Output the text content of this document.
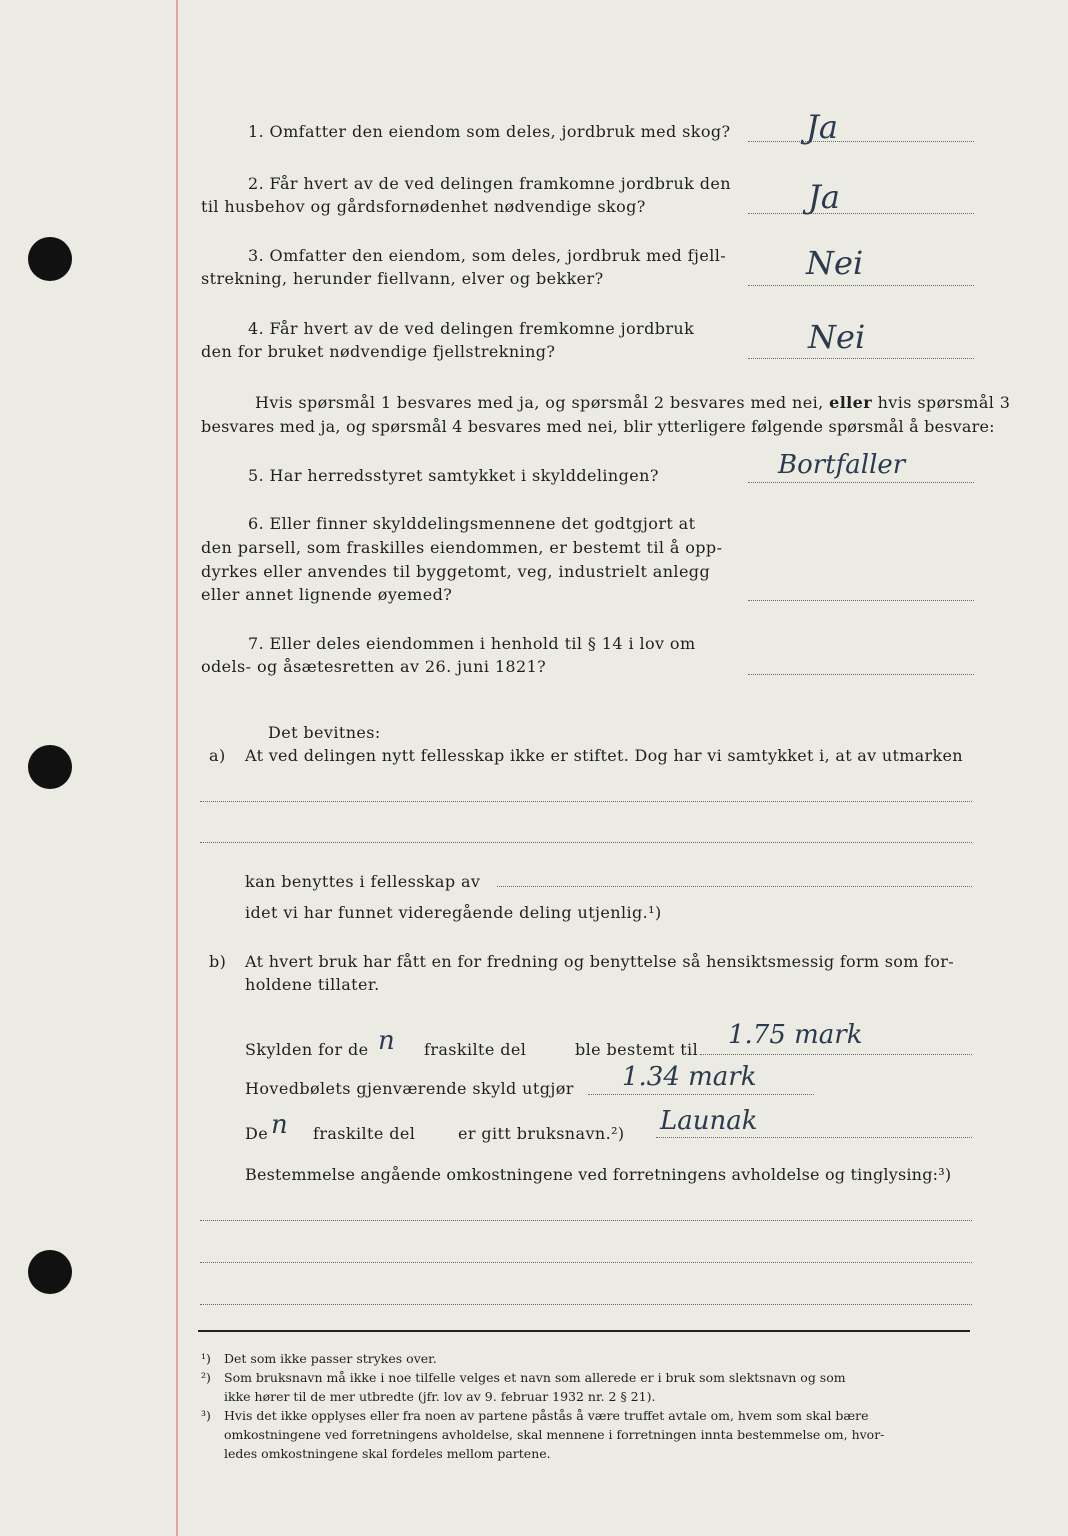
1. Omfatter den eiendom som deles, jordbruk med skog? Ja
2. Får hvert av de ved delingen framkomne jordbruk den
til husbehov og gårdsfornødenhet nødvendige skog?	Ja
3. Omfatter den eiendom, som deles, jordbruk med fjell-
strekning, herunder fiellvann, elver og bekker?	Nei
4. Får hvert av de ved delingen fremkomne jordbruk
den for bruket nødvendige fjellstrekning?	Nei
Hvis spørsmål 1 besvares med ja, og spørsmål 2 besvares med nei, eller hvis spørsmål 3
besvares med ja, og spørsmål 4 besvares med nei, blir ytterligere følgende spørsmål å besvare:
5. Har herredsstyret samtykket i skylddelingen?	Bortfaller
6. Eller finner skylddelingsmennene det godtgjort at
den parsell, som fraskilles eiendommen, er bestemt til å opp-
dyrkes eller anvendes til byggetomt, veg, industrielt anlegg
eller annet lignende øyemed?
7. Eller deles eiendommen i henhold til § 14 i lov om
odels- og åsætesretten av 26. juni 1821?
Det bevitnes:
a) At ved delingen nytt fellesskap ikke er stiftet. Dog har vi samtykket i, at av utmarken
kan benyttes i fellesskap av
idet vi har funnet videregående deling utjenlig.¹)
b) At hvert bruk har fått en for fredning og benyttelse så hensiktsmessig form som for-
holdene tillater.
Skylden for de n fraskilte del	ble bestemt til 1.75 mark
Hovedbølets gjenværende skyld utgjør 1.34 mark
De n fraskilte del	er gitt bruksnavn.²) Launak
Bestemmelse angående omkostningene ved forretningens avholdelse og tinglysing:³)
¹) Det som ikke passer strykes over.
²) Som bruksnavn må ikke i noe tilfelle velges et navn som allerede er i bruk som slektsnavn og som
ikke hører til de mer utbredte (jfr. lov av 9. februar 1932 nr. 2 § 21).
³) Hvis det ikke opplyses eller fra noen av partene påstås å være truffet avtale om, hvem som skal bære
omkostningene ved forretningens avholdelse, skal mennene i forretningen innta bestemmelse om, hvor-
ledes omkostningene skal fordeles mellom partene.
